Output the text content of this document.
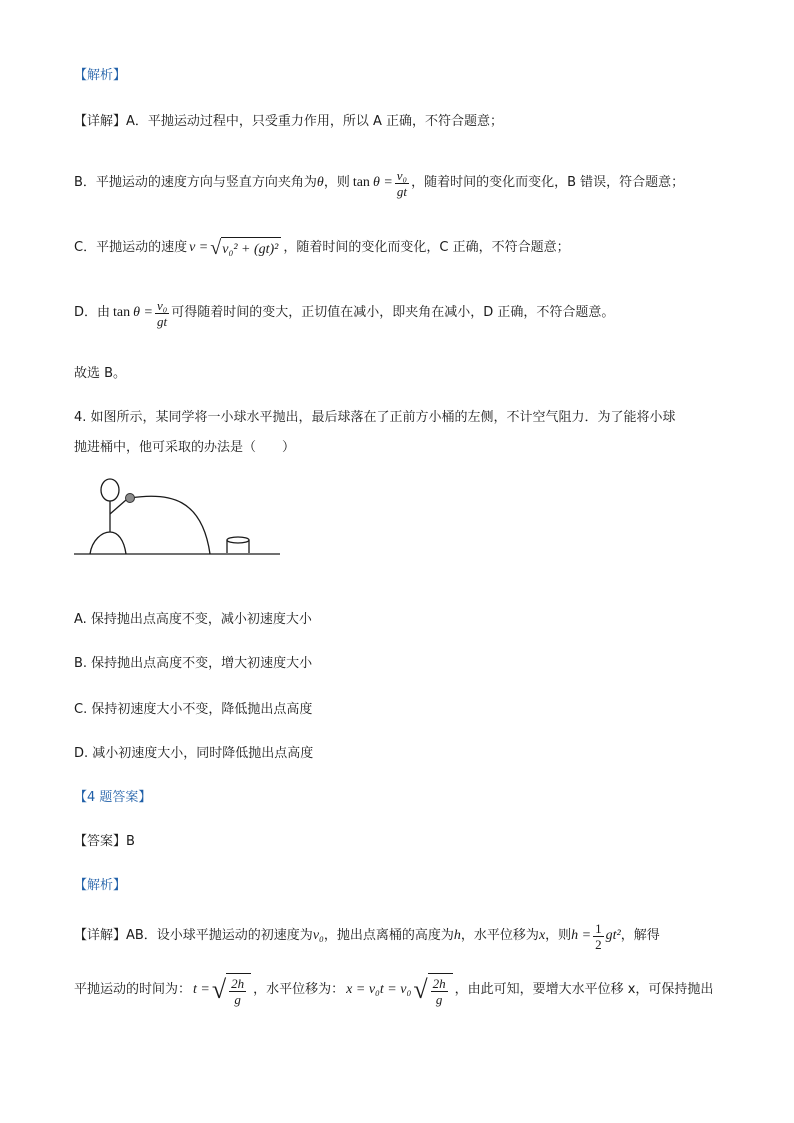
【解析】
【详解】A．平抛运动过程中，只受重力作用，所以 A 正确，不符合题意；
B．平抛运动的速度方向与竖直方向夹角为 θ ，则 $\tan \theta = \frac{\text{v₀}}{gt}$ ，随着时间的变化而变化，B 错误，符合题意；
C．平抛运动的速度 v = √ v₀² + (gt)² ，随着时间的变化而变化，C 正确，不符合题意；
D．由 $\tan \theta = \frac{\text{v₀}}{gt}$ 可得随着时间的变大，正切值在减小，即夹角在减小，D 正确，不符合题意。
故选 B。
4. 如图所示，某同学将一小球水平抛出，最后球落在了正前方小桶的左侧，不计空气阻力．为了能将小球
抛进桶中，他可采取的办法是（　　）
A. 保持抛出点高度不变，减小初速度大小
B. 保持抛出点高度不变，增大初速度大小
C. 保持初速度大小不变，降低抛出点高度
D. 减小初速度大小，同时降低抛出点高度
【4 题答案】
【答案】B
【解析】
【详解】AB．设小球平抛运动的初速度为 v₀ ，抛出点离桶的高度为 h ，水平位移为 x ，则 $h = \frac{1}{2} gt^2$ ，解得
平抛运动的时间为： t = √ $\frac{2h}{g}$ ，水平位移为： x = v₀t = v₀ √ $\frac{2h}{g}$ ，由此可知，要增大水平位移 x，可保持抛出
